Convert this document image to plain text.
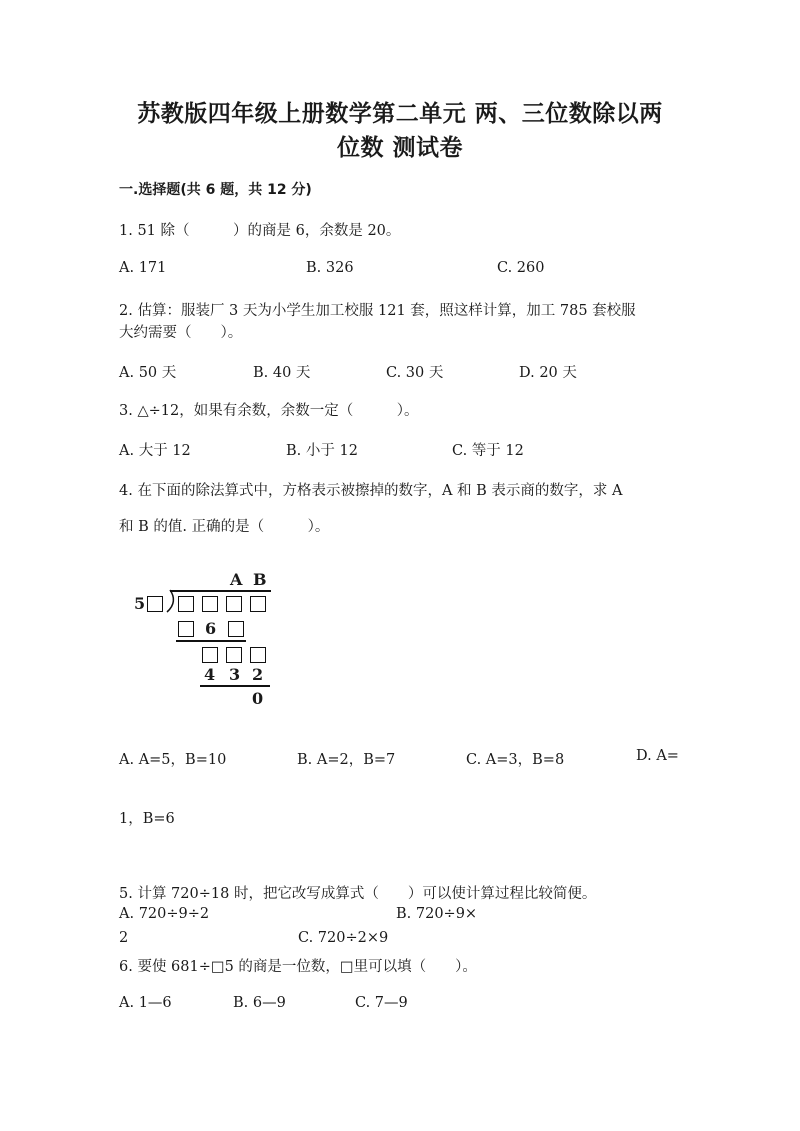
苏教版四年级上册数学第二单元 两、三位数除以两
位数 测试卷
一.选择题(共 6 题，共 12 分)
1. 51 除（　　　）的商是 6，余数是 20。
A. 171	B. 326	C. 260
2. 估算：服装厂 3 天为小学生加工校服 121 套，照这样计算，加工 785 套校服
大约需要（　　）。
A. 50 天	B. 40 天	C. 30 天	D. 20 天
3. △÷12，如果有余数，余数一定（　　　）。
A. 大于 12	B. 小于 12	C. 等于 12
4. 在下面的除法算式中，方格表示被擦掉的数字，A 和 B 表示商的数字，求 A
和 B 的值. 正确的是（　　　）。
A B
5
6
4 3 2
0
A. A=5，B=10	B. A=2，B=7	C. A=3，B=8	D. A=
1，B=6
5. 计算 720÷18 时，把它改写成算式（　　）可以使计算过程比较简便。
A. 720÷9÷2	B. 720÷9×
2	C. 720÷2×9
6. 要使 681÷□5 的商是一位数，□里可以填（　　）。
A. 1—6	B. 6—9	C. 7—9
